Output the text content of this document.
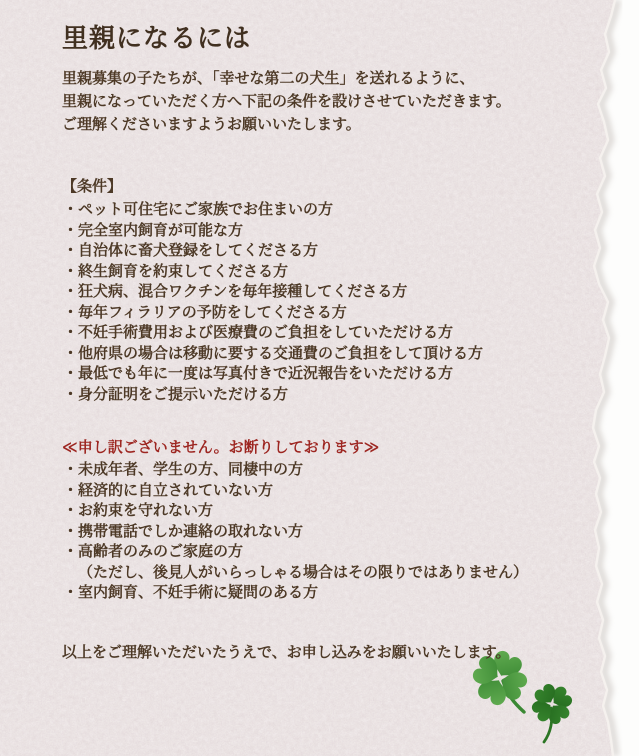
里親になるには
里親募集の子たちが、「幸せな第二の犬生」を送れるように、
里親になっていただく方へ下記の条件を設けさせていただきます。
ご理解くださいますようお願いいたします。
【条件】
・ペット可住宅にご家族でお住まいの方
・完全室内飼育が可能な方
・自治体に畜犬登録をしてくださる方
・終生飼育を約束してくださる方
・狂犬病、混合ワクチンを毎年接種してくださる方
・毎年フィラリアの予防をしてくださる方
・不妊手術費用および医療費のご負担をしていただける方
・他府県の場合は移動に要する交通費のご負担をして頂ける方
・最低でも年に一度は写真付きで近況報告をいただける方
・身分証明をご提示いただける方
≪申し訳ございません。お断りしております≫
・未成年者、学生の方、同棲中の方
・経済的に自立されていない方
・お約束を守れない方
・携帯電話でしか連絡の取れない方
・高齢者のみのご家庭の方
（ただし、後見人がいらっしゃる場合はその限りではありません）
・室内飼育、不妊手術に疑問のある方
以上をご理解いただいたうえで、お申し込みをお願いいたします。
